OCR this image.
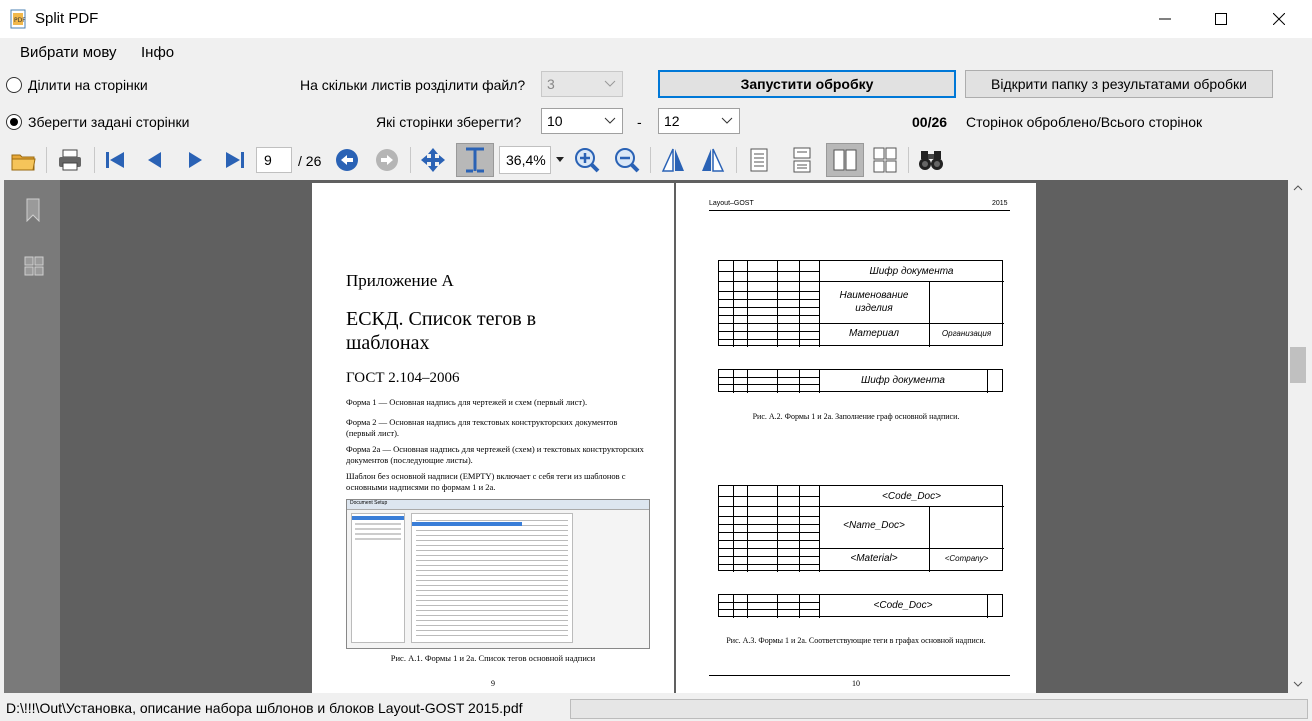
PDF Split PDF
Вибрати мову Інфо
Ділити на сторінки	На скільки листів розділити файл?	3	Запустити обробку	Відкрити папку з результатами обробки
Зберегти задані сторінки	Які сторінки зберегти?	10	-	12	00/26 Сторінок оброблено/Всього сторінок
9	/ 26	36,4%
Приложение А
ЕСКД. Список тегов в шаблонах
ГОСТ 2.104–2006
Форма 1 — Основная надпись для чертежей и схем (первый лист).
Форма 2 — Основная надпись для текстовых конструкторских документов (первый лист).
Форма 2а — Основная надпись для чертежей (схем) и текстовых конструкторских документов (последующие листы).
Шаблон без основной надписи (EMPTY) включает с себя теги из шаблонов с основными надписями по формам 1 и 2а.
Document Setup
Рис. А.1. Формы 1 и 2а. Список тегов основной надписи
9
Layout–GOST	2015
Шифр документа
Наименование изделия
Материал	Организация
Шифр документа
Рис. А.2. Формы 1 и 2а. Заполнение граф основной надписи.
<Code_Doc>
<Name_Doc>
<Material>	<Company>
<Code_Doc>
Рис. А.3. Формы 1 и 2а. Соответствующие теги в графах основной надписи.
10
D:\!!!\Out\Установка, описание набора шблонов и блоков Layout-GOST 2015.pdf
